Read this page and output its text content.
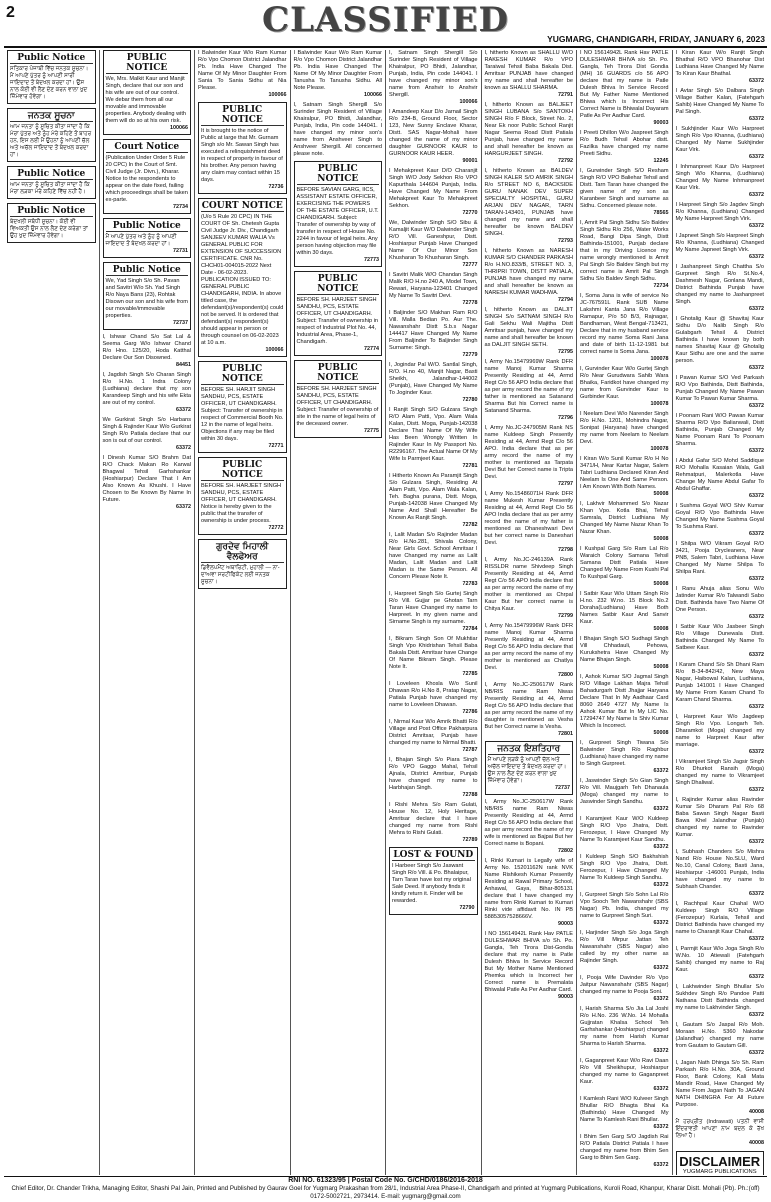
2	CLASSIFIED	YUGMARG, CHANDIGARH, FRIDAY, JANUARY 6, 2023
Public Notice
ਸਤਿਕਾਰ ਪੰਜਾਬੀ ਵਿੱਚ ਜਨਤਕ ਸੂਚਨਾ। ਮੈਂ ਆਪਣੇ ਪੁੱਤਰ ਨੂੰ ਆਪਣੀ ਸਾਰੀ ਜਾਇਦਾਦ ਤੋਂ ਬੇਦਖਲ ਕਰਦਾ ਹਾਂ। ਉਸ ਨਾਲ ਕੋਈ ਵੀ ਲੈਣ ਦੇਣ ਕਰਨ ਵਾਲਾ ਖੁਦ ਜ਼ਿੰਮੇਵਾਰ ਹੋਵੇਗਾ।
ਜਨਤਕ ਸੂਚਨਾ
ਆਮ ਜਨਤਾ ਨੂੰ ਸੂਚਿਤ ਕੀਤਾ ਜਾਂਦਾ ਹੈ ਕਿ ਮੇਰਾ ਪੁੱਤਰ ਅਤੇ ਨੂੰਹ ਮੇਰੇ ਕਹਿਣੇ ਤੋਂ ਬਾਹਰ ਹਨ, ਇਸ ਲਈ ਮੈਂ ਉਹਨਾਂ ਨੂੰ ਆਪਣੀ ਚੱਲ ਅਤੇ ਅਚੱਲ ਜਾਇਦਾਦ ਤੋਂ ਬੇਦਖਲ ਕਰਦਾ ਹਾਂ।
Public Notice
ਆਮ ਜਨਤਾ ਨੂੰ ਸੂਚਿਤ ਕੀਤਾ ਜਾਂਦਾ ਹੈ ਕਿ ਮੇਰਾ ਲੜਕਾ ਮੇਰੇ ਕਹਿਣੇ ਵਿੱਚ ਨਹੀਂ ਹੈ।
Public Notice
ਬੇਦਖਲੀ ਸਬੰਧੀ ਸੂਚਨਾ। ਕੋਈ ਵੀ ਵਿਅਕਤੀ ਉਸ ਨਾਲ ਲੈਣ ਦੇਣ ਕਰੇਗਾ ਤਾਂ ਉਹ ਖੁਦ ਜ਼ਿੰਮੇਵਾਰ ਹੋਵੇਗਾ।
PUBLIC NOTICE
We, Mrs. Malkit Kaur and Manjit Singh, declare that our son and his wife are out of our control. We debar them from all our movable and immovable properties. Anybody dealing with them will do so at his own risk.
100066
Court Notice
(Publication Under Order 5 Rule 20 CPC) In the Court of Smt. Civil Judge (Jr. Divn.), Kharar. Notice to the respondents to appear on the date fixed, failing which proceedings shall be taken ex-parte.
72734
Public Notice
ਮੈਂ ਆਪਣੇ ਪੁੱਤਰ ਅਤੇ ਨੂੰਹ ਨੂੰ ਆਪਣੀ ਜਾਇਦਾਦ ਤੋਂ ਬੇਦਖਲ ਕਰਦਾ ਹਾਂ।
72731
Public Notice
We, Yad Singh S/o Sh. Pavan and Savitri W/o Sh. Yad Singh R/o Naya Bans (23), Rohtak Disown our son and his wife from our movable/immovable properties.
72737
I, Ishwar Chand S/o Sat Lal & Seema Garg W/o Ishwar Chand R/o Hno. 125/20, Hoda Katthal Declare Our Son Disowned.
84451
I, Jagdish Singh S/o Charan Singh R/o H.No. 1 Indra Colony (Ludhiana) declare that my son Karandeep Singh and his wife Ekta are out of my control.
63372
We Gurkirat Singh S/o Harbans Singh & Rajinder Kaur W/o Gurkirat Singh R/o Patiala declare that our son is out of our control.
63372
I Dinesh Kumar S/O Brahm Dat R/O Chack Makan Ro Karwal Bhagwal Tehsil Garhshankar (Hoshiarpur) Declare That I Am Also Known As Khushi. I Have Chosen to Be Known By Name In Future.
63372
I Balwinder Kaur W/o Ram Kumar R/o Vpo Chomon District Jalandhar Pb. India Have Changed The Name Of My Minor Daughter From Sania To Sania Sidhu at Nia Please.
100066
PUBLIC NOTICE
It is brought to the notice of Public at large that Mr. Gurnam Singh s/o Mr. Sawan Singh has executed a relinquishment deed in respect of property in favour of his brother. Any person having any claim may contact within 15 days.
72736
COURT NOTICE
(U/o 5 Rule 20 CPC) IN THE COURT OF Sh. Chetesh Gupta Civil Judge Jr. Div., Chandigarh SANJEEV KUMAR WALIA Vs GENERAL PUBLIC FOR EXTENSION OF SUCCESSION CERTIFICATE. CNR No. CHCH01-004015-2022 Next Date - 06-02-2023. PUBLICATION ISSUED TO: GENERAL PUBLIC CHANDIGARH, INDIA. In above titled case, the defendant(s)/respondent(s) could not be served. It is ordered that defendant(s) respondent(s) should appear in person or through counsel on 06-02-2023 at 10 a.m.
100066
PUBLIC NOTICE
BEFORE SH. HARJIT SINGH SANDHU, PCS, ESTATE OFFICER, UT CHANDIGARH. Subject: Transfer of ownership in respect of Commercial Booth No. 12 in the name of legal heirs. Objections if any may be filed within 30 days.
72771
PUBLIC NOTICE
BEFORE SH. HARJEET SINGH SANDHU, PCS, ESTATE OFFICER, UT CHANDIGARH. Notice is hereby given to the public that the transfer of ownership is under process.
72772
ਗੁਰਦੇਵ ਮਿਹਾਲੀ ਵੈਲਫੇਅਰ
ਡਿਵੈਲਪਮੈਂਟ ਅਥਾਰਿਟੀ, ਮੁਹਾਲੀ — ਨਾ-ਦਾਅਵਾ ਸਰਟੀਫਿਕੇਟ ਲਈ ਜਨਤਕ ਸੂਚਨਾ।
I Balwinder Kaur W/o Ram Kumar R/o Vpo Chomon District Jalandhar Pb. India Have Changed The Name Of My Minor Daughter From Tanusha To Tanusha Sidhu. All Note Please.
100066
I, Satnam Singh Shergill S/o Surinder Singh Resident of Village Khairalpur, PO Bhidi, Jalandhar, Punjab, India, Pin code 144041. I have changed my minor son's name from Anshveer Singh to Anshveer Shergill. All concerned please note.
PUBLIC NOTICE
BEFORE SAVIAN GARG, IICS, ASSISTANT ESTATE OFFICER, EXERCISING THE POWERS OF THE ESTATE OFFICER, U.T. CHANDIGARH. Subject: Transfer of ownership by way of transfer in respect of House No. 2244 in favour of legal heirs. Any person having objection may file within 30 days.
72773
PUBLIC NOTICE
BEFORE SH. HARJEET SINGH SANDHU, PCS, ESTATE OFFICER, UT CHANDIGARH. Subject: Transfer of ownership in respect of Industrial Plot No. 44, Industrial Area, Phase-1, Chandigarh.
72774
PUBLIC NOTICE
BEFORE SH. HARJEET SINGH SANDHU, PCS, ESTATE OFFICER, UT CHANDIGARH. Subject: Transfer of ownership of site in the name of legal heirs of the deceased owner.
72775
I, Satnam Singh Shergill S/o Surinder Singh Resident of Village Khairalpur, PO Bhidi, Jalandhar, Punjab, India, Pin code 144041. I have changed my minor son's name from Anshvir to Anshvir Shergill.
100066
I Amandeep Kaur D/o Jarnail Singh R/o 234-B, Ground Floor, Sector 123, New Sunny Enclave Kharar, Distt. SAS Nagar-Mohali have changed the name of my minor daughter GURNOOR KAUR to GURNOOR KAUR HEER.
90001
I Mehakpreet Kaur D/O Charanjit Singh W/O Jody Sekhon R/o VPO Kapurthala 144604 Punjab, India. Have Changed My Name From Mehakpreet Kaur To Mehakpreet Sekhon.
72770
We, Dalwinder Singh S/O Sibu & Kamaljit Kaur W/O Dalwinder Singh R/O Vill. Ganeshpur, Distt. Hoshiarpur Punjab Have Changed Name Of Our Minor Son Khusharan To Khusharan Singh.
72777
I Savitri Malik W/O Chandan Singh Malik R/O H.no 240 A, Model Town, Rewari, Haryana-123401 Changed My Name To Savitri Devi.
72778
I Baljinder S/O Makhan Ram R/O Vill. Malla Bedian Po. Aur The. Nawanshahr Distt S.b.s Nagar 144417 Have Changed My Name From Baljinder To Baljinder Singh Surname: Singh.
72779
I, Jogindar Pal W/O. Santlal Singh, R/O. H.no 40, Manjit Nagar, Basti Sheikh, Jalandhar-144002 (Punjab), Have Changed My Name To Joginder Kaur.
72780
I Ranjit Singh S/O Gulzara Singh R/O Alam Patti, Vpo. Alam Wala Kalan, Distt. Moga, Punjab-142038 Declare That Name Of My Wife Has Been Wrongly Written In Rajinder Kaur In My Passport No. R2296167. The Actual Name Of My Wife Is Parmjeet Kaur.
72781
I Hitherto Known As Paramjit Singh S/o Gulzara Singh, Residing At Alam Patti, Vpo. Alam Wala Kalan, Teh. Bagha purana, Distt. Moga, Punjab-142038 Have Changed My Name And Shall Hereafter Be Known As Ranjit Singh.
72782
I, Lalit Madan S/o Rajinder Madan R/o H.No.281, Shivala Colony, Near Girls Govt. School Amritsar I have Changed my name as Lalit Madan, Lalit Madan and Lalit Madan is the Same Person. All Concern Please Note It.
72783
I, Harpreet Singh S/o Gurtej Singh R/o Vill. Gujjar pe Ghotan Tarn Taran Have Changed my name to Harpreet. In my given name and Sirname Singh is my surname.
72784
I, Bikram Singh Son Of Mukhtiar Singh Vpo Khidrishan Tehsil Baba Bakala Distt. Amritsar have Change Of Name Bikram Singh. Please Note It.
72785
I Loveleen Khosla W/o Sunil Dhawan R/o H.No 8, Pratap Nagar, Patiala Punjab have changed my name to Loveleen Dhawan.
72786
I, Nirmal Kaur W/o Amrik Bhatti R/o Village and Post Office Pakharpura District Amritsar, Punjab have changed my name to Nirmal Bhatti.
72787
I, Bhajan Singh S/o Piara Singh R/o VPO Gaggo Mahal, Tehsil Ajnala, District Amritsar, Punjab have changed my name to Harbhajan Singh.
72788
I Rishi Mehra S/o Ram Gulati, House No. 12, Holy Heritage, Amritsar declare that I have changed my name from Rishi Mehra to Rishi Gulati.
72789
LOST & FOUND
I Harbeer Singh S/o Jaswant Singh R/o Vill. & Po. Bhalaipur, Tarn Taran have lost my original Sale Deed. If anybody finds it kindly return it. Finder will be rewarded.
72790
I, hitherto Known as SHALLU W/O RAKESH KUMAR R/o VPO Taraiwal Tehsil Baba Bakala Dist. Amritsar PUNJAB have changed my name and shall hereafter be known as SHALLU SHARMA.
72791
I, hitherto Known as BALJEET SINGH LUBANA S/o SANTOKH SINGH R/o F Block, Street No. 2, Near Ek noor Public School Ranjit Nagar Seema Road Distt Patiala Punjab, have changed my name and shall hereafter be known as HARGURJEET SINGH.
72792
I, hitherto Known as BALDEV SINGH KALER S/O AMRIK SINGH R/o STREET NO 6, BACKSIDE GURU NANAK DEV SUPER SPECIALTY HOSPITAL, GURU ARJAN DEV NAGAR, TARN TARAN-143401, PUNJAB have changed my name and shall hereafter be known BALDEV SINGH.
72793
I, hitherto Known as NARESH KUMAR S/O CHANDER PARKASH R/o H.NO.833/B, STREET NO. 3, THRIPRI TOWN, DISTT PATIALA, PUNJAB have changed my name and shall hereafter be known as NARESH KUMAR WADHWA.
72794
I, hitherto Known as DALJIT SINGH S/o SATNAM SINGH R/o Gali Sekhu Wali Majitha Distt Amritsar punjab, have changed my name and shall hereafter be known as DALJIT SINGH SETH.
72795
I, Army No.15479969W Rank DFR name Manoj Kumar Sharma Presently Residing at 44, Armd Regt C/o 56 APO India declare that as per army record the name of my father is mentioned as Satanand Sharma But his Correct name is Satanand Sharma.
72796
I, Army No.JC-247905M Rank NS name Kuldeep Singh Presently Residing at 44, Armd Regt C/o 56 APO. India declare that as per army record the name of my mother is mentioned as Tarpata Devi But her Correct name is Tripta Devi.
72797
I, Army No.15486071H Rank DFR name Mukesh Kumar Presently Residing at 44, Armd Regt C/o 56 APO India declare that as per army record the name of my father is mentioned as Dhaneshwari Devi but her correct name is Daneshari Devi.
72798
I, Army No.JC-246139A Rank RISSLDR name Shivdeep Singh Presently Residing at 44, Armd Regt C/o 56 APO India declare that as per army record the name of my mother is mentioned as Chrpal Kaur But her correct name is Chitya Kaur.
72799
I, Army No.15479996W Rank DFR name Manoj Kumar Sharma Presently Residing at 44, Armd Regt C/o 56 APO India declare that as per army record the name of my mother is mentioned as Chatlya Devi.
72800
I, Army No.JC-250617W Rank NB/RIS name Ram Niwas Presently Residing at 44, Armd Regt C/o 56 APO India declare that as per army record the name of my daughter is mentioned as Vesha But her Correct name is Vesha.
72801
ਜਨਤਕ ਇਸ਼ਤਿਹਾਰ
ਮੈਂ ਆਪਣੇ ਲੜਕੇ ਨੂੰ ਆਪਣੀ ਚੱਲ ਅਤੇ ਅਚੱਲ ਜਾਇਦਾਦ ਤੋਂ ਬੇਦਖਲ ਕਰਦਾ ਹਾਂ। ਉਸ ਨਾਲ ਲੈਣ ਦੇਣ ਕਰਨ ਵਾਲਾ ਖੁਦ ਜ਼ਿੰਮੇਵਾਰ ਹੋਵੇਗਾ।
72737
I, Army No.JC-250617W Rank NB/RIS name Ram Niwas Presently Residing at 44, Armd Regt C/o 56 APO India declare that as per army record the name of my wife is mentioned as Bajpai But her Correct name is Bopani.
72802
I, Rinki Kumari is Legally wife of Army No. 15201162N rank NVK Name Rishikesh Kumar Presently Residing at Rawal Primary School, Anhawal, Gaya, Bihar-805131 declare that I have changed my name from Rinki Kumari to Kumari Rinki vide affidavit No. IN PB 58853057528666V.
90003
I NO 15614942L Rank Hav PATLE DULESHWAR BHIVA s/o Sh. Po. Gangla, Teh Tirora Dist-Gondia declare that my name is Patle Dulesh Bhiva In Service Record But My Mother Name Mentioned Phemka which is Incorrect her Correct name is Premalata Bhiwalal Patle As Per Aadhar Card.
90003
I NO 15614942L Rank Hav PATLE DULESHWAR BHIVA s/o Sh. Po. Gangla, Teh Tirora Dist Gondia (MH) 16 GUARDS c/o 56 APO declare that my name is Patle Dulesh Bhiva In Service Record But My Father Name Mentioned Bhiwa which is Incorrect His Correct Name is Bhiwalal Dayaram Patle As Per Aadhar Card.
90003
I Preeti Dhillon W/o Jaspreet Singh R/o Budh Tehsil Abohar distt. Fazilka have changed my name Preeti Sidhu.
12245
I, Gurwinder Singh S/O Resham Singh R/O VPO Baliehar Tehsil and Distt. Tarn Taran have changed the given name of my son as Karanbeer Singh and surname as Sidhu. Concerned please note.
78565
I, Amrit Pal Singh Sidhu S/o Baldev Singh Sidhu R/o 256, Water Works Road, Bangi Dipa Singh, Distt Bathinda-151001, Punjab declare that in my Driving Licence my name wrongly mentioned is Amrit Pal Singh S/o Baldev Singh but my correct name is Amrit Pal Singh Sidhu S/o Baldev Singh Sidhu.
72734
I, Soma Jana is wife of service No JC-767591L Rank SUB Name Lakshmi Kanta Jana R/o Village Ramapur, P/o 50 B/3, Rajnagar, Bandhaman, West Bengal-713421, Declare that in my husband service record my name Soma Rani Jana and date of birth 11-12-1981 but correct name is Soma Jana.
100078
I, Gurvinder Kaur W/o Gurtej Singh R/o Near Gurudwara Sahib Wara Bhaika, Faridkot have changed my name from Gurvinder Kaur to Gurbinder Kaur.
100078
I Neelam Devi W/o Narender Singh R/o H.No. 1201, Mohindra Nagar, Sonipat (Haryana) have changed my name from Neelam to Neelam Devi.
100078
I Kiran W/o Sunil Kumar R/o H No 3471/H, Near Kartar Nagar, Salem Tabri Ludhiana Declared Kiran And Neelam Is One And Same Person. I Am Known With Both Names.
50008
I, Lakhvir Mohammed S/o Nazar Khan Vpo. Kotla Bhai, Tehsil Samrala, District Ludhiana My Changed My Name Nazar Khan To Nazar Khan.
50008
I Kushpal Garg S/o Ram Lal R/o Waraich Colony Samana Tehsil Samana Distt Patiala Have Changed My Name From Kushi Pal To Kushpal Garg.
50008
I Satbir Kaur W/o Uttam Singh R/o H.no. 232 W.no. 15 Block No.2 Doraha(Ludhiana) Have Both Names Satbir Kaur And Sanvir Kaur.
50008
I Bhajan Singh S/O Sudhagi Singh Vill Chhadauli, Pehowa, Kurukshetra Have Changed My Name Bhajan Singh.
50008
I, Ashok Kumar S/O Jagmal Singh R/O Village Lakhan Majra Tehsil Bahadurgarh Distt Jhajjar Haryana Declare That In My Aadhaar Card 8060 2649 4727 My Name Is Ashok Kumar But In My LIC No. 17294747 My Name Is Shiv Kumar Which Is Incorrect.
50008
I, Gurpreet Singh Tiwana S/o Balwinder Singh R/o Raghbur (Ludhiana) have changed my name to Singh Gurpreet.
63372
I, Jaswinder Singh S/o Gian Singh R/o Vill. Maujgarh Teh Dhanaula (Moga) changed my name to Jaswinder Singh Sandhu.
63372
I Karamjeet Kaur W/O Kuldeep Singh R/O Vpo Jhatra, Distt. Ferozepur, I Have Changed My Name To Karamjeet Kaur Sandhu.
63372
I Kuldeep Singh S/O Bakhshish Singh R/O Vpo Jhatra, Distt. Ferozepur, I Have Changed My Name To Kuldeep Singh Sandhu.
63372
I, Gurpreet Singh S/o Sohn Lal R/o Vpo Sooch Teh Nawanshahr (SBS Nagar) Pb. India, changed my name to Gurpreet Singh Suri.
63372
I, Harjinder Singh S/o Joga Singh R/o Vill Mirpur Jattan Teh Nawanshahr (SBS Nagar) also called by my other name as Rajinder Singh.
63372
I, Pooja Wife Davinder R/o Vpo Jaitpur Nawanshahr (SBS Nagar) changed my name to Pooja Soni.
63372
I, Harish Sharma S/o Jia Lal Joshi R/o H.No. 236 W.No. 14 Mohalla Gujjratan Khalsa School Teh Garhshankar (Hoshiarpur) changed my name from Harish Kumar Sharma to Harish Sharma.
63372
I, Gaganpreet Kaur W/o Ravi Daan R/o Vill Sheikhupur, Hoshiarpur changed my name to Gaganpreet Kaur.
63372
I Kamlesh Rani W/O Kulveer Singh Bhullar R/O Bhagta Bhai Ka (Bathinda) Have Changed My Name To Kamlesh Rani Bhullar.
63372
I Bhim Sen Garg S/O Jagdish Rai R/O Patiala District Patiala I have changed my name from Bhim Sen Garg to Bhim Sen Garg.
63372
I Kiran Kaur W/o Ranjit Singh Bhathal R/O VPO Bhanohar Dist Ludhiana Have Changed My Name To Kiran Kaur Bhathal.
63372
I Avtar Singh S/o Dalbara Singh Village Bather Kalan, (Fatehgarh Sahib) Have Changed My Name To Pal Singh.
63372
I Sukhjinder Kaur W/o Harpreet Singh R/o Vpo Khanna, (Ludhiana) Changed My Name Sukhjinder Kaur Virk.
63372
I Inhmanpreet Kaur D/o Harpreet Singh W/o Khanna, (Ludhiana) Changed My Name Inhmanpreet Kaur Virk.
63372
I Harpreet Singh S/o Jagdev Singh R/o Khanna, (Ludhiana) Changed My Name Harpreet Singh Virk.
63372
I Japneet Singh S/o Harpreet Singh R/o Khanna, (Ludhiana) Changed My Name Japneet Singh Virk.
63372
I Jashanpreet Singh Chattha S/o Gurpreet Singh R/o St.No.4, Dashmesh Nagar, Gonlana Mandi, District Bathinda Punjab have changed my name to Jashanpreet Singh.
63372
I Ghotalig Kaur @ Shavitaj Kaur Sidhu D/o Nalib Singh R/o Gulabgarh Tehsil & District Bathinda I have known by both names Shavitaj Kaur @ Ghotalig Kaur Sidhu are one and the same person.
63372
I Pawan Kumar S/O Ved Parkash R/O Vpo Bathinda, Distt Bathinda, Punjab Changed My Name Pawan Kumar To Pawan Kumar Sharma.
63372
I Poonam Rani W/O Pawan Kumar Sharma R/O Vpo Balianwali, Distt Bathinda, Punjab Changed My Name Poonam Rani To Poonam Sharma.
63372
I Abdul Gafar S/O Mohd Saddique R/O Mohalla Kasaian Wala, Gali Rehmatpuri, Malerkotla Have Change My Name Abdul Gafar To Abdul Ghaffar.
63372
I Sushma Goyal W/O Shiv Kumar Goyal R/O Vpo Bathinda Have Changed My Name Sushma Goyal To Sushma Rani.
63372
I Shilpa W/O Vikram Goyal R/O 3421, Pooja Drycleaners, Near PNB, Salem Tabri, Ludhiana Have Changed My Name Shilpa To Shilpa Rani.
63372
I Ranu Ahuja alias Sonu W/o Jatinder Kumar R/o Talwandi Sabo Distt. Bathinda have Two Name Of One Person.
63372
I Satbir Kaur W/o Jasbeer Singh R/o Village Dunewala Distt. Bathinda Changed My Name To Satbeer Kaur.
63372
I Karam Chand S/o Sh Dhani Ram R/o B-34-842/42, New Maya Nagar, Haibowal Kalan, Ludhiana, Punjab 141001 I Have Changed My Name From Karam Chand To Karam Chand Sharma.
63372
I, Harpreet Kaur W/o Jagdeep Singh R/o Vpo. Longarh Teh. Dharamkot (Moga) changed my name to Harpreet Kaur after marriage.
63372
I Vikramjeet Singh S/o Jagsir Singh R/o Dhurkot Ransih (Moga) changed my name to Vikramjeet Singh Dhaliwal.
63372
I, Rajinder Kumar alias Ravinder Kumar S/o Dharam Pal R/o 68 Baba Sawan Singh Nagar Basti Bawa Khel Jalandhar (Punjab) changed my name to Ravinder Kumar.
63372
I, Subhash Chanders S/o Mishra Nand R/o House No.SLU, Ward No.10, Canal Colony, Basti Jana, Hoshiarpur -146001 Punjab, India have changed my name to Subhash Chander.
63372
I, Rachhpal Kaur Chahal W/O Kuldeep Singh R/O Village (Ferozepur) Kurlaia, Tehsil and District Bathinda have changed my name to Charanjit Kaur Chahal.
63372
I, Parmjit Kaur W/o Joga Singh R/o W.No. 10 Atiewali (Fatehgarh Sahib) changed my name to Raj Kaur.
63372
I, Lakhwinder Singh Bhullar S/o Sukhdev Singh R/o Pandoe Patti Nathana Distt Bathinda changed my name to Lakhvinder Singh.
63372
I, Gautam S/o Jaspal R/o Moh. Moraan H.No. 5360 Nakodar (Jalandhar) changed my name from Gautam to Gautam Gill.
63372
I, Jagan Nath Dhinga S/o Sh. Ram Parkash R/o H.No. 30A, Ground Floor, Bank Colony, Kali Mata Mandir Road, Have Changed My Name From Jagan Nath To JAGAN NATH DHINGRA For All Future Purpose.
40008
ਮੈਂ ਹਰਪ੍ਰੀਤ (Indrawati) ਪਤਨੀ ਵਾਸੀ ਇੰਦਰਾਵਤੀ ਆਪਣਾ ਨਾਮ ਬਦਲ ਕੇ ਰੱਖ ਲਿਆ ਹੈ।
40008
DISCLAIMER
YUGMARG PUBLICATIONS
RNI NO. 61323/95 | Postal Code No. G/CHD/0186/2016-2018
Chief Editor, Dr. Chander Trikha, Managing Editor, Shashi Pal Jain, Printed and Published by Gaurav Goel for Yugmarg Prakashan from 28/1, Industrial Area Phase-II, Chandigarh and printed at Yugmarg Publications, Kuroli Road, Khanpur, Kharar Distt. Mohali (Pb). Ph.:(off) 0172-5002721, 2973414. E-mail: yugmarg@gmail.com
